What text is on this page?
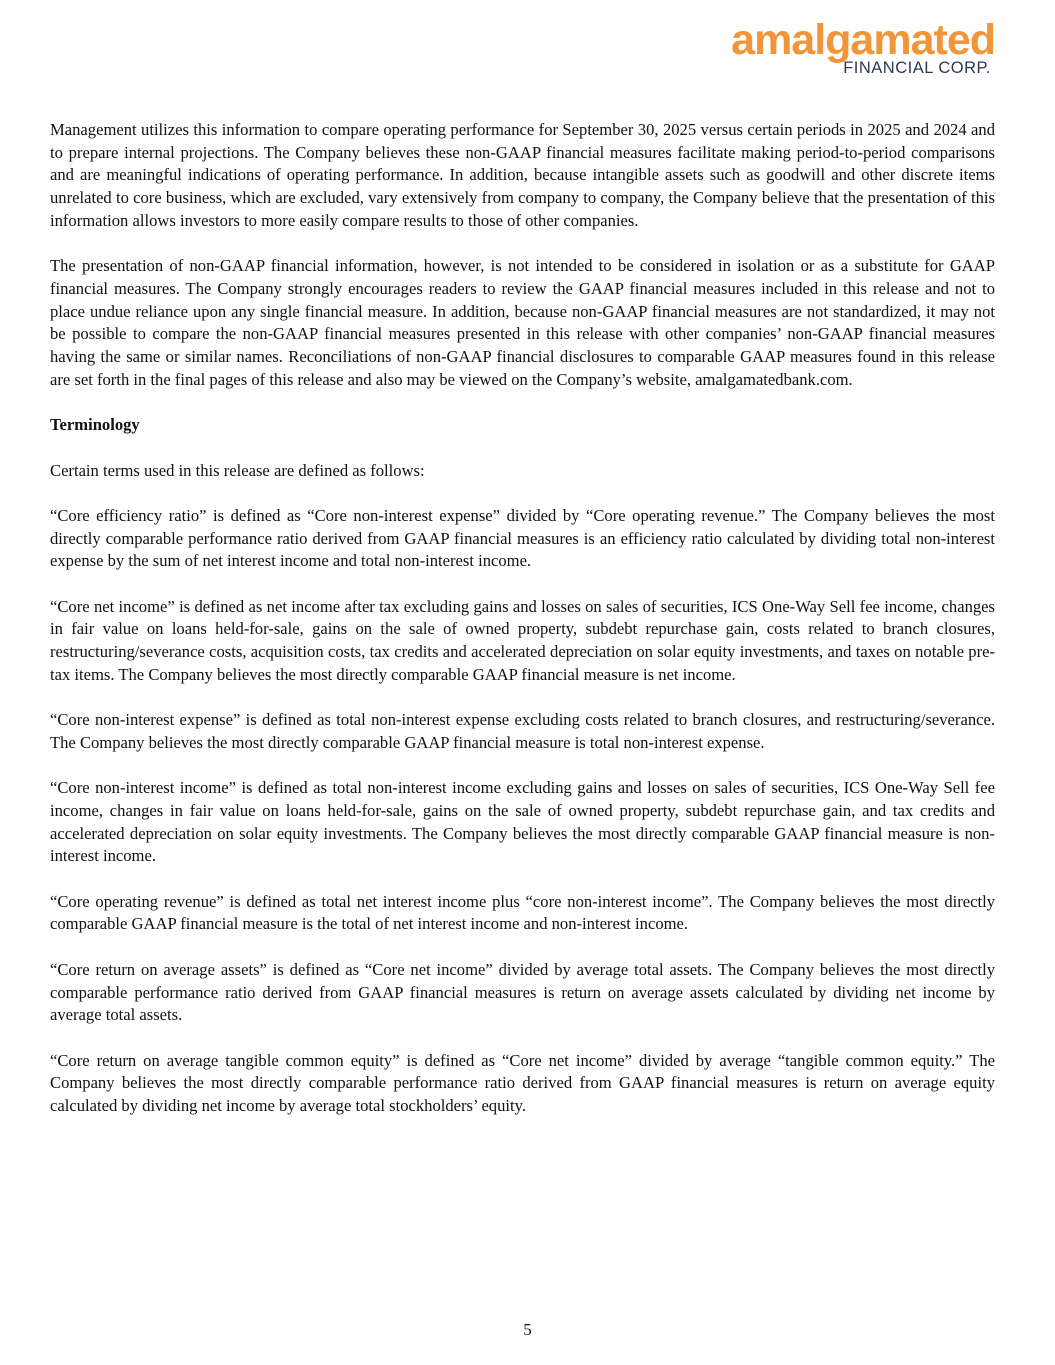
amalgamated
FINANCIAL CORP.

Management utilizes this information to compare operating performance for September 30, 2025 versus certain periods in 2025 and 2024 and to prepare internal projections. The Company believes these non-GAAP financial measures facilitate making period-to-period comparisons and are meaningful indications of operating performance. In addition, because intangible assets such as goodwill and other discrete items unrelated to core business, which are excluded, vary extensively from company to company, the Company believe that the presentation of this information allows investors to more easily compare results to those of other companies.

The presentation of non-GAAP financial information, however, is not intended to be considered in isolation or as a substitute for GAAP financial measures. The Company strongly encourages readers to review the GAAP financial measures included in this release and not to place undue reliance upon any single financial measure. In addition, because non-GAAP financial measures are not standardized, it may not be possible to compare the non-GAAP financial measures presented in this release with other companies’ non-GAAP financial measures having the same or similar names. Reconciliations of non-GAAP financial disclosures to comparable GAAP measures found in this release are set forth in the final pages of this release and also may be viewed on the Company’s website, amalgamatedbank.com.

Terminology

Certain terms used in this release are defined as follows:

“Core efficiency ratio” is defined as “Core non-interest expense” divided by “Core operating revenue.” The Company believes the most directly comparable performance ratio derived from GAAP financial measures is an efficiency ratio calculated by dividing total non-interest expense by the sum of net interest income and total non-interest income.

“Core net income” is defined as net income after tax excluding gains and losses on sales of securities, ICS One-Way Sell fee income, changes in fair value on loans held-for-sale, gains on the sale of owned property, subdebt repurchase gain, costs related to branch closures, restructuring/severance costs, acquisition costs, tax credits and accelerated depreciation on solar equity investments, and taxes on notable pre-tax items. The Company believes the most directly comparable GAAP financial measure is net income.

“Core non-interest expense” is defined as total non-interest expense excluding costs related to branch closures, and restructuring/severance. The Company believes the most directly comparable GAAP financial measure is total non-interest expense.

“Core non-interest income” is defined as total non-interest income excluding gains and losses on sales of securities, ICS One-Way Sell fee income, changes in fair value on loans held-for-sale, gains on the sale of owned property, subdebt repurchase gain, and tax credits and accelerated depreciation on solar equity investments. The Company believes the most directly comparable GAAP financial measure is non-interest income.

“Core operating revenue” is defined as total net interest income plus “core non-interest income”. The Company believes the most directly comparable GAAP financial measure is the total of net interest income and non-interest income.

“Core return on average assets” is defined as “Core net income” divided by average total assets. The Company believes the most directly comparable performance ratio derived from GAAP financial measures is return on average assets calculated by dividing net income by average total assets.

“Core return on average tangible common equity” is defined as “Core net income” divided by average “tangible common equity.” The Company believes the most directly comparable performance ratio derived from GAAP financial measures is return on average equity calculated by dividing net income by average total stockholders’ equity.

5
